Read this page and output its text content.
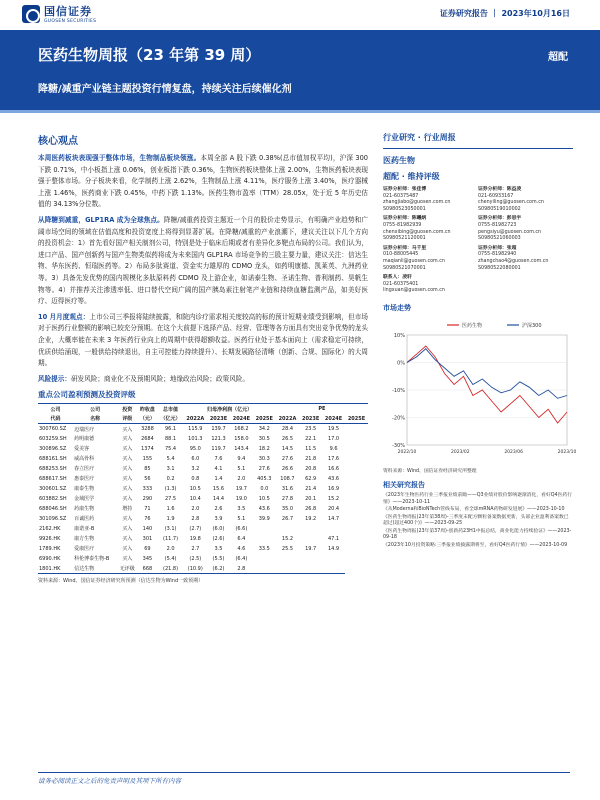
国信证券
GUOSEN SECURITIES
证券研究报告 ｜ 2023年10月16日
医药生物周报（23 年第 39 周）
降糖/减重产业链主题投资行情复盘，持续关注后续催化剂
超配
核心观点

本周医药板块表现强于整体市场，生物制品板块领涨。本周全部 A 股下跌 0.38%(总市值加权平均)，沪深 300 下跌 0.71%，中小板指上涨 0.06%，创业板指下跌 0.36%，生物医药板块整体上涨 2.00%，生物医药板块表现强于整体市场。分子板块来看，化学制药上涨 2.62%，生物制品上涨 4.11%，医疗服务上涨 3.40%，医疗器械上涨 1.46%，医药商业下跌 0.45%，中药下跌 1.13%。医药生物市盈率（TTM）28.05x，处于近 5 年历史估值的 34.13%分位数。

从降糖到减重，GLP1RA 成为全球焦点。降糖/减重药投资主题近一个月的股价走势显示，有明确产业趋势和广阔市场空间的领域在估值高度和投资宽度上将得到显著扩展。在降糖/减重的产业浪潮下，建议关注以下几个方向的投资机会：1）首先看好国产相关制剂公司，特别是处于临床后期或者有差异化多靶点布局的公司。我们认为，进口产品、国产创新药与国产生物类似药将成为未来国内 GLP1RA 市场竞争的三股主要力量，建议关注：信达生物、华东医药、恒瑞医药等。2）布局多肽赛道、资金实力雄厚的 CDMO 龙头，如药明康德、凯莱英、九洲药业等。3）具备先发优势的国内规模化多肽原料药 CDMO 及上游企业，如诺泰生物、圣诺生物、普利制药、昊帆生物等。4）并推荐关注渗透率低、进口替代空间广阔的国产胰岛素注射笔产业链和持续血糖监测产品，如美好医疗、迈得医疗等。

10 月月度观点：上市公司三季报将陆续披露，和院内诊疗需求相关度较高的标的预计短期业绩受到影响，但市场对于医药行业整顿的影响已较充分预期。在这个大前提下选择产品、经营、管理等各方面具有突出竞争优势的龙头企业，大概率能在未来 3 年医药行业向上的周期中获得超额收益。医药行业处于基本面向上（需求稳定可持续，优质供给涌现，一般供给持续退出，自主可控能力持续提升）、长期发展路径清晰（创新、合规、国际化）的大周期。

风险提示：研发风险；商业化不及预期风险；地缘政治风险；政策风险。

重点公司盈利预测及投资评级
公司	公司	投资	昨收盘	总市值	归母净利润（亿元）				PE			
代码	名称	评级	（元）	（亿元）	2022A	2023E	2024E	2025E	2022A	2023E	2024E	2025E
300760.SZ	迈瑞医疗	买入	3288	96.1	115.9	139.7	168.2	34.2	28.4	23.5	19.5	
603259.SH	药明康德	买入	2684	88.1	101.3	121.3	158.0	30.5	26.5	22.1	17.0	
300896.SZ	爱美客	买入	1374	75.4	95.0	119.7	143.4	18.2	14.5	11.5	9.6	
688161.SH	威高骨科	买入	155	5.4	6.0	7.6	9.4	30.3	27.6	21.8	17.6	
688253.SH	春立医疗	买入	85	3.1	3.2	4.1	5.1	27.6	26.6	20.8	16.6	
688617.SH	惠泰医疗	买入	56	0.2	0.8	1.4	2.0	405.3	108.7	62.9	43.6	
300601.SZ	康泰生物	买入	333	(1.3)	10.5	15.6	19.7	0.0	31.6	21.4	16.9	
603882.SH	金域医学	买入	290	27.5	10.4	14.4	19.0	10.5	27.8	20.1	15.2	
688046.SH	药康生物	增持	71	1.6	2.0	2.6	3.5	43.6	35.0	26.8	20.4	
301096.SZ	百诚医药	买入	76	1.9	2.8	3.9	5.1	39.9	26.7	19.2	14.7	
2162.HK	康诺亚-B	买入	140	(3.1)	(2.7)	(6.0)	(6.6)					
9926.HK	康方生物	买入	301	(11.7)	19.8	(2.6)	6.4		15.2		47.1	
1789.HK	爱康医疗	买入	69	2.0	2.7	3.5	4.6	33.5	25.5	19.7	14.9	
6990.HK	科伦博泰生物-B	买入	345	(5.4)	(2.5)	(5.5)	(6.4)					
1801.HK	信达生物	无评级	668	(21.8)	(10.9)	(6.2)	2.8					
资料来源：Wind、国信证券经济研究所预测（信达生物为Wind一致预期）
行业研究 · 行业周报
医药生物
超配 · 维持评级
证券分析师：张佳博
021-60375487
zhangjiabo@guosen.com.cn
S0980523050001
证券分析师：陈益凌
021-60933167
chenyiling@guosen.com.cn
S0980519010002
证券分析师：陈曦炳
0755-81982939
chenxibing@guosen.com.cn
S0980521120001
证券分析师：彭思宇
0755-81982723
pengsiyu@guosen.com.cn
S0980521060003
证券分析师：马千里
010-88005445
maqianli@guosen.com.cn
S0980521070001
证券分析师：张超
0755-81982940
zhangchao4@guosen.com.cn
S0980522080001
联系人：凌轩
021-60375401
lingxuan@guosen.com.cn
市场走势
10%
0%
-10%
-20%
-30%
2022/10	2023/02	2023/06	2023/10
医药生物	沪深300
资料来源：Wind、国信证券经济研究所整理
相关研究报告
《2023年生物医药行业三季报业绩前瞻——Q3业绩对股价影响逐渐消化，看好Q4医药行情》——2023-10-11
《从Moderna和BioNTech管线布局，看全球mRNA药物研发进展》——2023-10-10
《医药生物周报(23年第38周)-三季度末配方颗粒备案数据更新，头部企业盈利备案数已超过(超过400个)》——2023-09-25
《医药生物周报(23年第37周)-创新药23H1中报总结，商业化能力持续验证》——2023-09-18
《2023年10月投资策略:三季报业绩披露期将至，看好Q4医药行情》——2023-10-09
请务必阅读正文之后的免责声明及其项下所有内容
